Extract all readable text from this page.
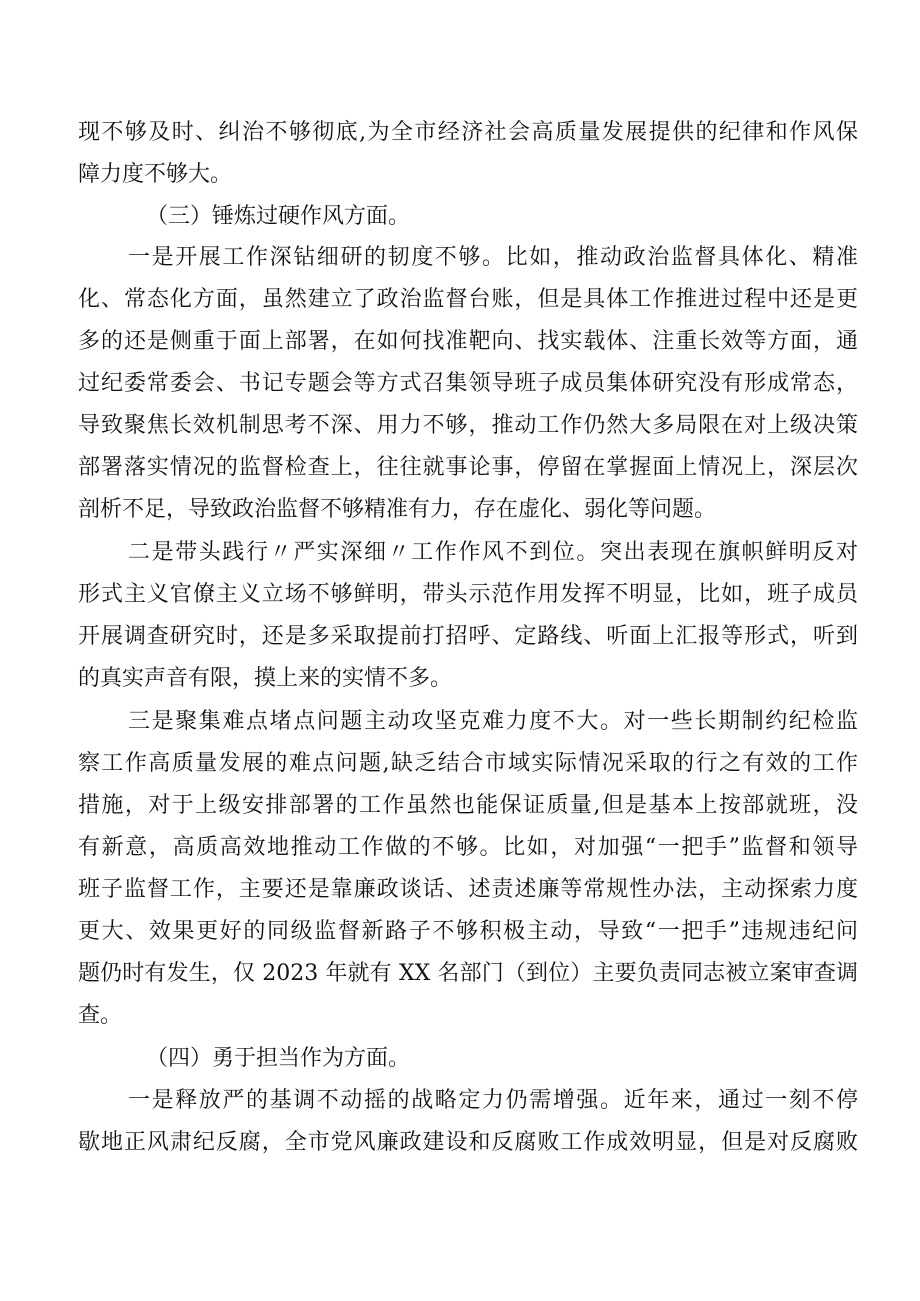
现不够及时、纠治不够彻底,为全市经济社会高质量发展提供的纪律和作风保
障力度不够大。
（三）锤炼过硬作风方面。
一是开展工作深钻细研的韧度不够。比如，推动政治监督具体化、精准
化、常态化方面，虽然建立了政治监督台账，但是具体工作推进过程中还是更
多的还是侧重于面上部署，在如何找准靶向、找实载体、注重长效等方面，通
过纪委常委会、书记专题会等方式召集领导班子成员集体研究没有形成常态，
导致聚焦长效机制思考不深、用力不够，推动工作仍然大多局限在对上级决策
部署落实情况的监督检查上，往往就事论事，停留在掌握面上情况上，深层次
剖析不足，导致政治监督不够精准有力，存在虚化、弱化等问题。
二是带头践行〃严实深细〃工作作风不到位。突出表现在旗帜鲜明反对
形式主义官僚主义立场不够鲜明，带头示范作用发挥不明显，比如，班子成员
开展调查研究时，还是多采取提前打招呼、定路线、听面上汇报等形式，听到
的真实声音有限，摸上来的实情不多。
三是聚集难点堵点问题主动攻坚克难力度不大。对一些长期制约纪检监
察工作高质量发展的难点问题,缺乏结合市域实际情况采取的行之有效的工作
措施，对于上级安排部署的工作虽然也能保证质量,但是基本上按部就班，没
有新意，高质高效地推动工作做的不够。比如，对加强“一把手”监督和领导
班子监督工作，主要还是靠廉政谈话、述责述廉等常规性办法，主动探索力度
更大、效果更好的同级监督新路子不够积极主动，导致“一把手”违规违纪问
题仍时有发生，仅 2023 年就有 XX 名部门（到位）主要负责同志被立案审查调
查。
（四）勇于担当作为方面。
一是释放严的基调不动摇的战略定力仍需增强。近年来，通过一刻不停
歇地正风肃纪反腐，全市党风廉政建设和反腐败工作成效明显，但是对反腐败
